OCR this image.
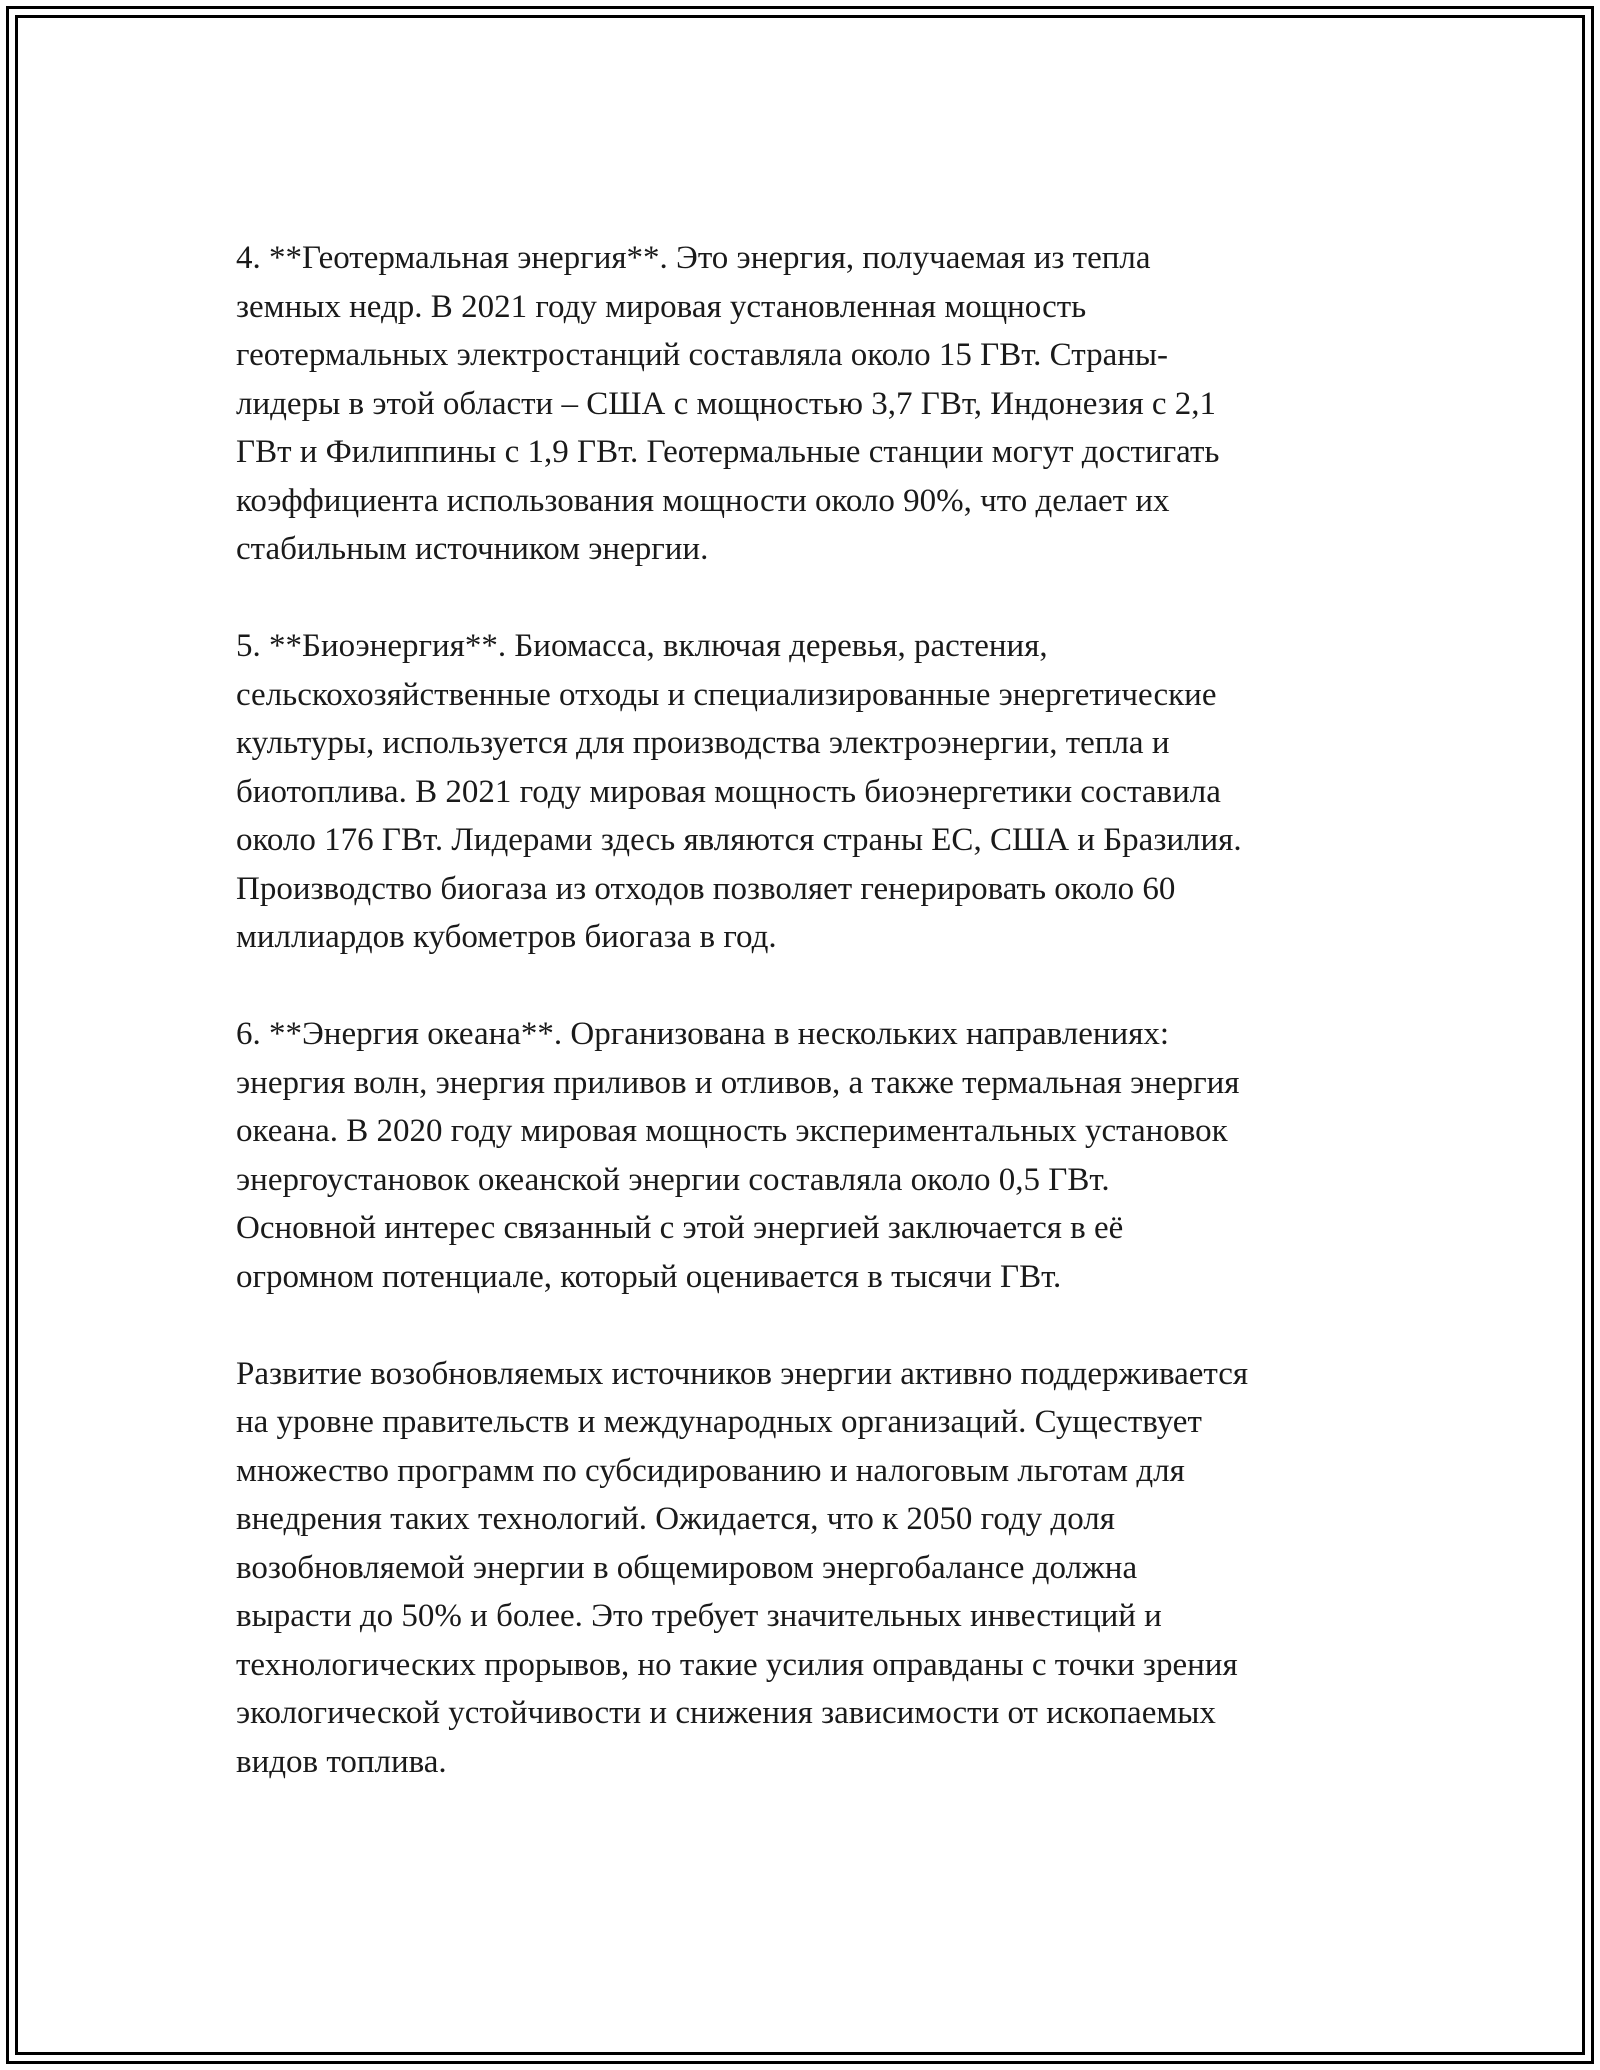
4. **Геотермальная энергия**. Это энергия, получаемая из тепла
земных недр. В 2021 году мировая установленная мощность
геотермальных электростанций составляла около 15 ГВт. Страны-
лидеры в этой области – США с мощностью 3,7 ГВт, Индонезия с 2,1
ГВт и Филиппины с 1,9 ГВт. Геотермальные станции могут достигать
коэффициента использования мощности около 90%, что делает их
стабильным источником энергии.

5. **Биоэнергия**. Биомасса, включая деревья, растения,
сельскохозяйственные отходы и специализированные энергетические
культуры, используется для производства электроэнергии, тепла и
биотоплива. В 2021 году мировая мощность биоэнергетики составила
около 176 ГВт. Лидерами здесь являются страны ЕС, США и Бразилия.
Производство биогаза из отходов позволяет генерировать около 60
миллиардов кубометров биогаза в год.

6. **Энергия океана**. Организована в нескольких направлениях:
энергия волн, энергия приливов и отливов, а также термальная энергия
океана. В 2020 году мировая мощность экспериментальных установок
энергоустановок океанской энергии составляла около 0,5 ГВт.
Основной интерес связанный с этой энергией заключается в её
огромном потенциале, который оценивается в тысячи ГВт.

Развитие возобновляемых источников энергии активно поддерживается
на уровне правительств и международных организаций. Существует
множество программ по субсидированию и налоговым льготам для
внедрения таких технологий. Ожидается, что к 2050 году доля
возобновляемой энергии в общемировом энергобалансе должна
вырасти до 50% и более. Это требует значительных инвестиций и
технологических прорывов, но такие усилия оправданы с точки зрения
экологической устойчивости и снижения зависимости от ископаемых
видов топлива.
